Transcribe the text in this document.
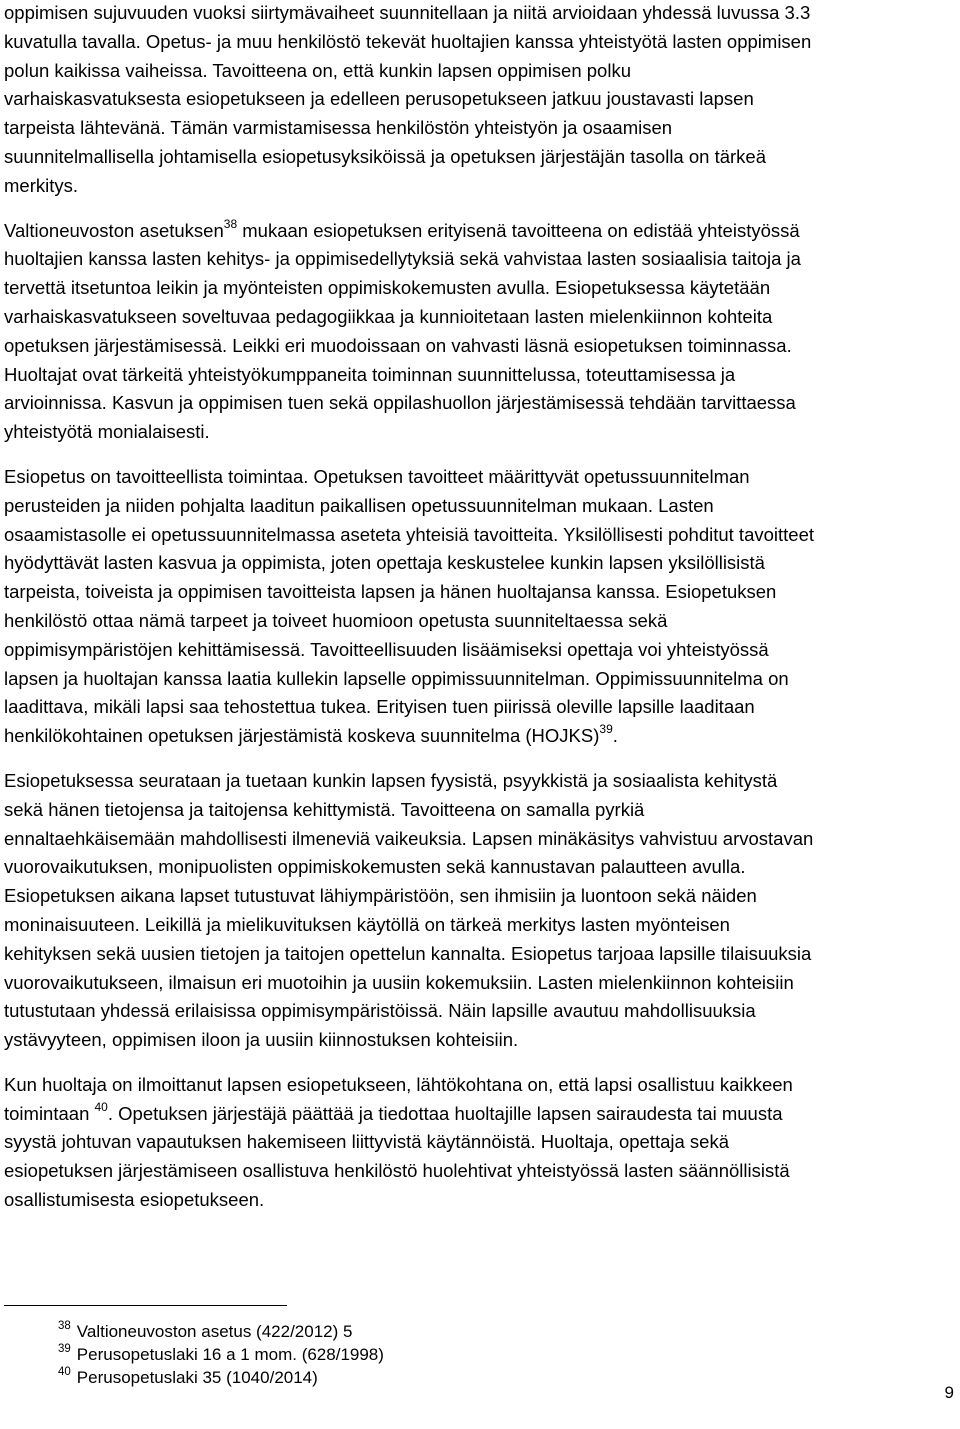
oppimisen sujuvuuden vuoksi siirtymävaiheet suunnitellaan ja niitä arvioidaan yhdessä luvussa 3.3
kuvatulla tavalla. Opetus- ja muu henkilöstö tekevät huoltajien kanssa yhteistyötä lasten oppimisen
polun kaikissa vaiheissa. Tavoitteena on, että kunkin lapsen oppimisen polku
varhaiskasvatuksesta esiopetukseen ja edelleen perusopetukseen jatkuu joustavasti lapsen
tarpeista lähtevänä. Tämän varmistamisessa henkilöstön yhteistyön ja osaamisen
suunnitelmallisella johtamisella esiopetusyksiköissä ja opetuksen järjestäjän tasolla on tärkeä
merkitys.

Valtioneuvoston asetuksen$^{38}$ mukaan esiopetuksen erityisenä tavoitteena on edistää yhteistyössä
huoltajien kanssa lasten kehitys- ja oppimisedellytyksiä sekä vahvistaa lasten sosiaalisia taitoja ja
tervettä itsetuntoa leikin ja myönteisten oppimiskokemusten avulla. Esiopetuksessa käytetään
varhaiskasvatukseen soveltuvaa pedagogiikkaa ja kunnioitetaan lasten mielenkiinnon kohteita
opetuksen järjestämisessä. Leikki eri muodoissaan on vahvasti läsnä esiopetuksen toiminnassa.
Huoltajat ovat tärkeitä yhteistyökumppaneita toiminnan suunnittelussa, toteuttamisessa ja
arvioinnissa. Kasvun ja oppimisen tuen sekä oppilashuollon järjestämisessä tehdään tarvittaessa
yhteistyötä monialaisesti.

Esiopetus on tavoitteellista toimintaa. Opetuksen tavoitteet määrittyvät opetussuunnitelman
perusteiden ja niiden pohjalta laaditun paikallisen opetussuunnitelman mukaan. Lasten
osaamistasolle ei opetussuunnitelmassa aseteta yhteisiä tavoitteita. Yksilöllisesti pohditut tavoitteet
hyödyttävät lasten kasvua ja oppimista, joten opettaja keskustelee kunkin lapsen yksilöllisistä
tarpeista, toiveista ja oppimisen tavoitteista lapsen ja hänen huoltajansa kanssa. Esiopetuksen
henkilöstö ottaa nämä tarpeet ja toiveet huomioon opetusta suunniteltaessa sekä
oppimisympäristöjen kehittämisessä. Tavoitteellisuuden lisäämiseksi opettaja voi yhteistyössä
lapsen ja huoltajan kanssa laatia kullekin lapselle oppimissuunnitelman. Oppimissuunnitelma on
laadittava, mikäli lapsi saa tehostettua tukea. Erityisen tuen piirissä oleville lapsille laaditaan
henkilökohtainen opetuksen järjestämistä koskeva suunnitelma (HOJKS)$^{39}$.

Esiopetuksessa seurataan ja tuetaan kunkin lapsen fyysistä, psyykkistä ja sosiaalista kehitystä
sekä hänen tietojensa ja taitojensa kehittymistä. Tavoitteena on samalla pyrkiä
ennaltaehkäisemään mahdollisesti ilmeneviä vaikeuksia. Lapsen minäkäsitys vahvistuu arvostavan
vuorovaikutuksen, monipuolisten oppimiskokemusten sekä kannustavan palautteen avulla.
Esiopetuksen aikana lapset tutustuvat lähiympäristöön, sen ihmisiin ja luontoon sekä näiden
moninaisuuteen. Leikillä ja mielikuvituksen käytöllä on tärkeä merkitys lasten myönteisen
kehityksen sekä uusien tietojen ja taitojen opettelun kannalta. Esiopetus tarjoaa lapsille tilaisuuksia
vuorovaikutukseen, ilmaisun eri muotoihin ja uusiin kokemuksiin. Lasten mielenkiinnon kohteisiin
tutustutaan yhdessä erilaisissa oppimisympäristöissä. Näin lapsille avautuu mahdollisuuksia
ystävyyteen, oppimisen iloon ja uusiin kiinnostuksen kohteisiin.

Kun huoltaja on ilmoittanut lapsen esiopetukseen, lähtökohtana on, että lapsi osallistuu kaikkeen
toimintaan $^{40}$. Opetuksen järjestäjä päättää ja tiedottaa huoltajille lapsen sairaudesta tai muusta
syystä johtuvan vapautuksen hakemiseen liittyvistä käytännöistä. Huoltaja, opettaja sekä
esiopetuksen järjestämiseen osallistuva henkilöstö huolehtivat yhteistyössä lasten säännöllisistä
osallistumisesta esiopetukseen.

$^{38}$ Valtioneuvoston asetus (422/2012) 5
$^{39}$ Perusopetuslaki 16 a 1 mom. (628/1998)
$^{40}$ Perusopetuslaki 35 (1040/2014)
9
